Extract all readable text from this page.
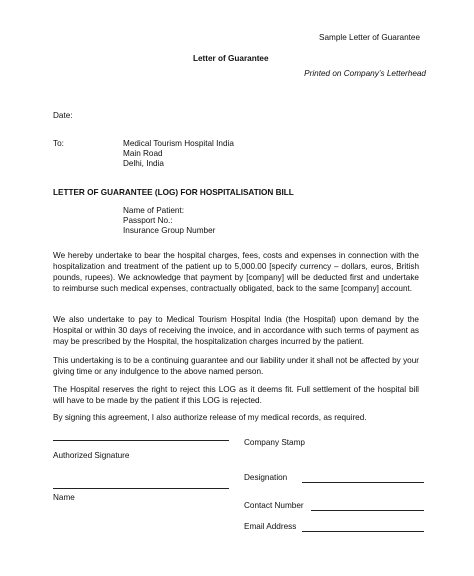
Sample Letter of Guarantee
Letter of Guarantee
Printed on Company’s Letterhead
Date:
To:	Medical Tourism Hospital India
Main Road
Delhi, India
LETTER OF GUARANTEE (LOG) FOR HOSPITALISATION BILL
Name of Patient:
Passport No.:
Insurance Group Number
We hereby undertake to bear the hospital charges, fees, costs and expenses in connection with the hospitalization and treatment of the patient up to 5,000.00 [specify currency – dollars, euros, British pounds, rupees). We acknowledge that payment by [company] will be deducted first and undertake to reimburse such medical expenses, contractually obligated, back to the same [company] account.
We also undertake to pay to Medical Tourism Hospital India (the Hospital) upon demand by the Hospital or within 30 days of receiving the invoice, and in accordance with such terms of payment as may be prescribed by the Hospital, the hospitalization charges incurred by the patient.
This undertaking is to be a continuing guarantee and our liability under it shall not be affected by your giving time or any indulgence to the above named person.
The Hospital reserves the right to reject this LOG as it deems fit. Full settlement of the hospital bill will have to be made by the patient if this LOG is rejected.
By signing this agreement, I also authorize release of my medical records, as required.
Company Stamp
Authorized Signature
Designation
Name
Contact Number
Email Address
